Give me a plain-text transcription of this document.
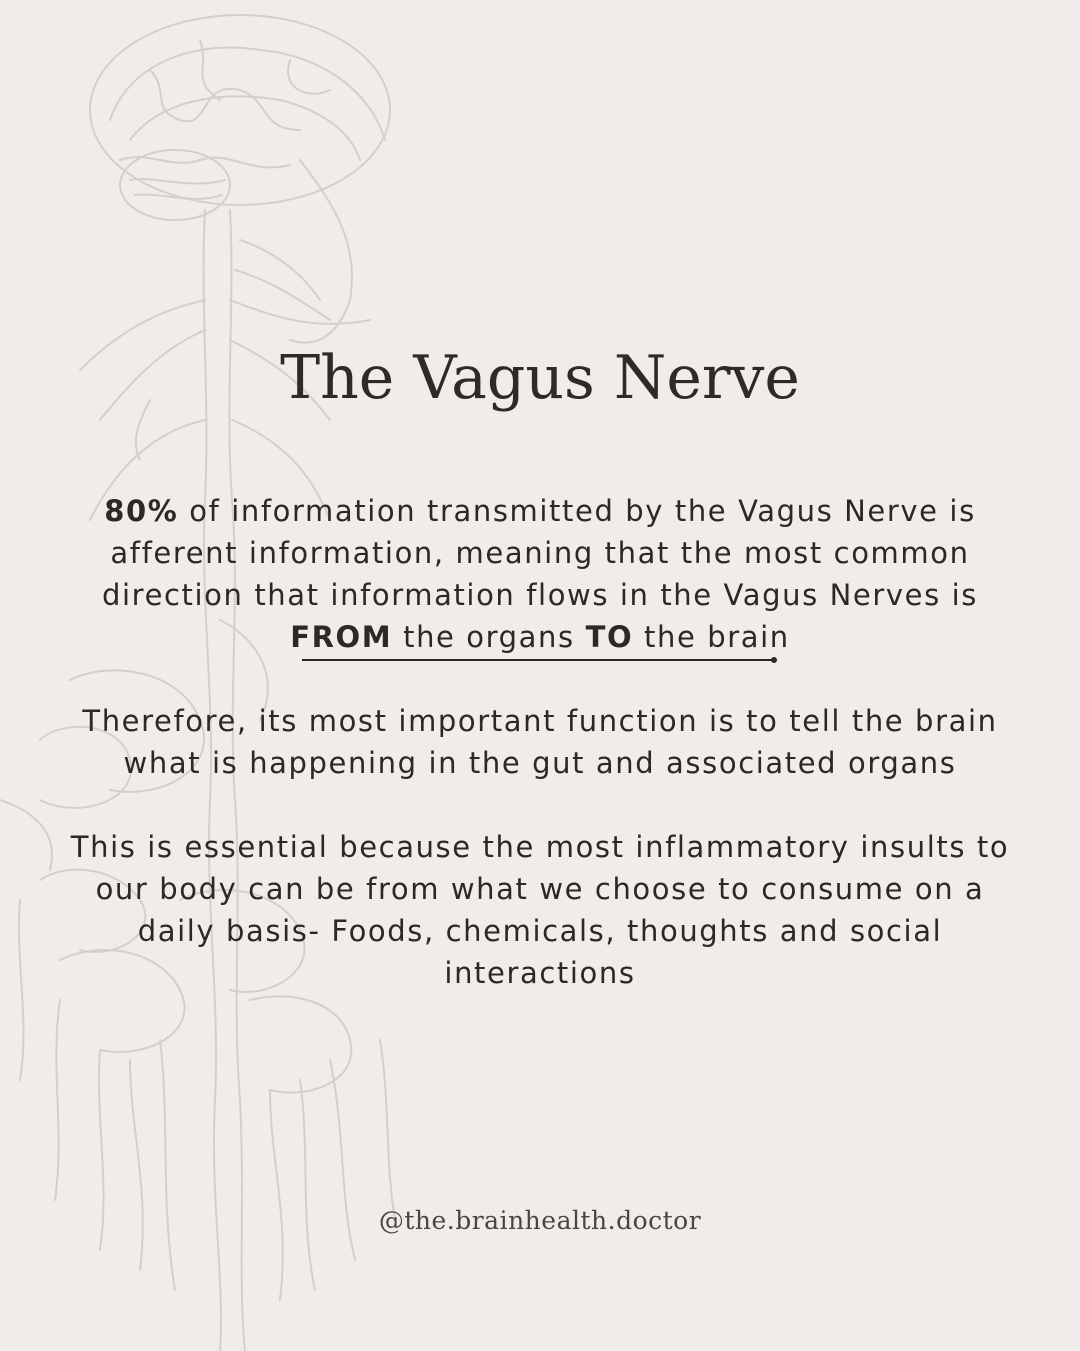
The Vagus Nerve

80% of information transmitted by the Vagus Nerve is afferent information, meaning that the most common direction that information flows in the Vagus Nerves is FROM the organs TO the brain

Therefore, its most important function is to tell the brain what is happening in the gut and associated organs

This is essential because the most inflammatory insults to our body can be from what we choose to consume on a daily basis- Foods, chemicals, thoughts and social interactions

@the.brainhealth.doctor
